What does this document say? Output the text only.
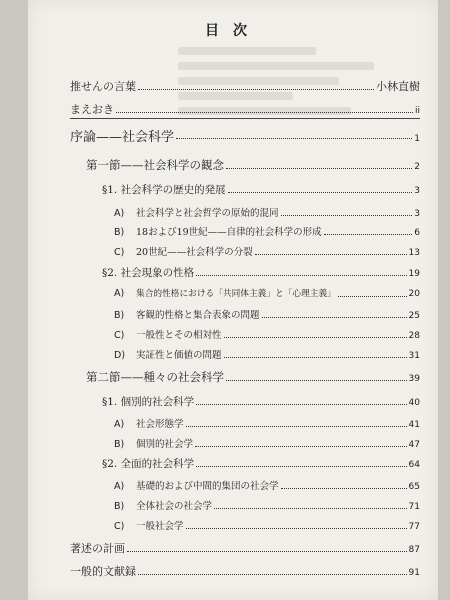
目次
推せんの言葉	小林直樹
まえおき	ii
序論——社会科学	1
第一節——社会科学の観念	2
§1. 社会科学の歴史的発展	3
A)	社会科学と社会哲学の原始的混同	3
B)	18および19世紀——自律的社会科学の形成	6
C)	20世紀——社会科学の分裂	13
§2. 社会現象の性格	19
A)	集合的性格における「共同体主義」と「心理主義」	20
B)	客観的性格と集合表象の問題	25
C)	一般性とその相対性	28
D)	実証性と価値の問題	31
第二節——種々の社会科学	39
§1. 個別的社会科学	40
A)	社会形態学	41
B)	個別的社会学	47
§2. 全面的社会科学	64
A)	基礎的および中間的集団の社会学	65
B)	全体社会の社会学	71
C)	一般社会学	77
著述の計画	87
一般的文献録	91
